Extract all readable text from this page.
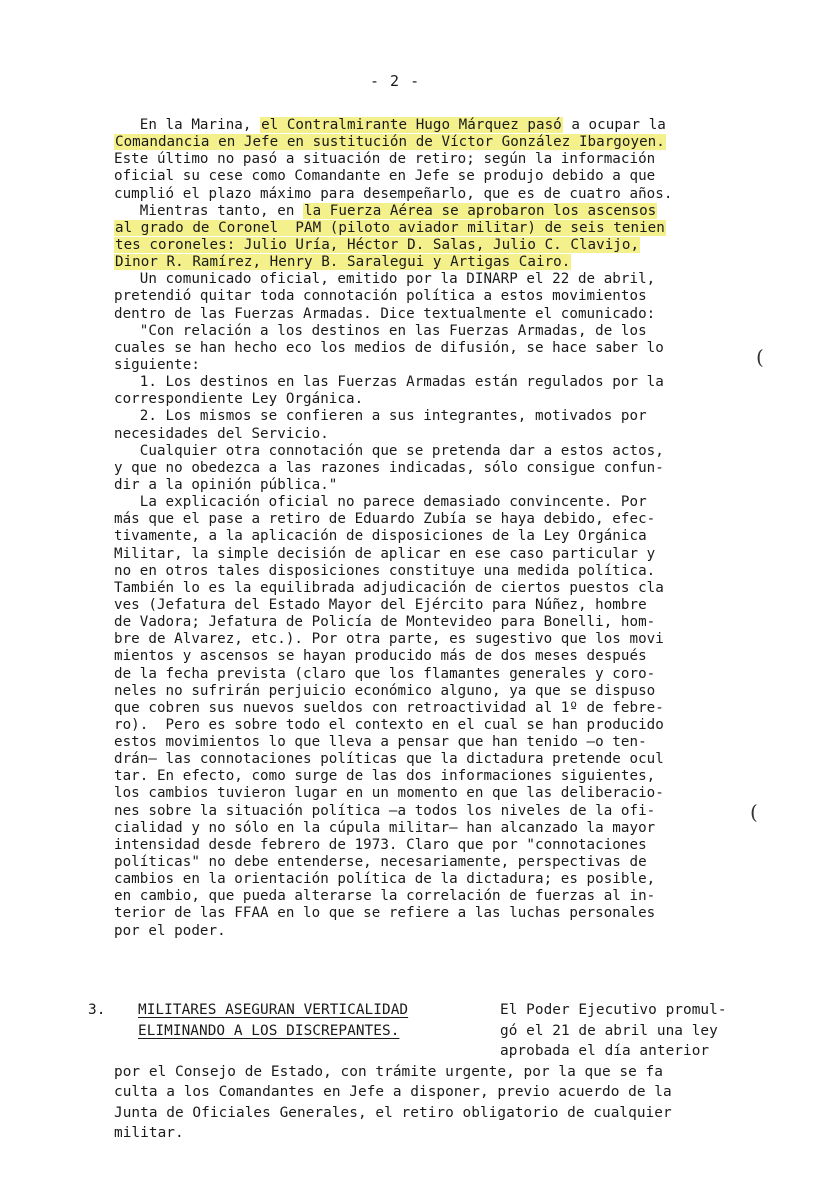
- 2 -
En la Marina, el Contralmirante Hugo Márquez pasó a ocupar la
Comandancia en Jefe en sustitución de Víctor González Ibargoyen.
Este último no pasó a situación de retiro; según la información
oficial su cese como Comandante en Jefe se produjo debido a que
cumplió el plazo máximo para desempeñarlo, que es de cuatro años.
Mientras tanto, en la Fuerza Aérea se aprobaron los ascensos
al grado de Coronel  PAM (piloto aviador militar) de seis tenien
tes coroneles: Julio Uría, Héctor D. Salas, Julio C. Clavijo,
Dinor R. Ramírez, Henry B. Saralegui y Artigas Cairo.
Un comunicado oficial, emitido por la DINARP el 22 de abril,
pretendió quitar toda connotación política a estos movimientos
dentro de las Fuerzas Armadas. Dice textualmente el comunicado:
"Con relación a los destinos en las Fuerzas Armadas, de los
cuales se han hecho eco los medios de difusión, se hace saber lo
siguiente:
1. Los destinos en las Fuerzas Armadas están regulados por la
correspondiente Ley Orgánica.
2. Los mismos se confieren a sus integrantes, motivados por
necesidades del Servicio.
Cualquier otra connotación que se pretenda dar a estos actos,
y que no obedezca a las razones indicadas, sólo consigue confun-
dir a la opinión pública."
La explicación oficial no parece demasiado convincente. Por
más que el pase a retiro de Eduardo Zubía se haya debido, efec-
tivamente, a la aplicación de disposiciones de la Ley Orgánica
Militar, la simple decisión de aplicar en ese caso particular y
no en otros tales disposiciones constituye una medida política.
También lo es la equilibrada adjudicación de ciertos puestos cla
ves (Jefatura del Estado Mayor del Ejército para Núñez, hombre
de Vadora; Jefatura de Policía de Montevideo para Bonelli, hom-
bre de Alvarez, etc.). Por otra parte, es sugestivo que los movi
mientos y ascensos se hayan producido más de dos meses después
de la fecha prevista (claro que los flamantes generales y coro-
neles no sufrirán perjuicio económico alguno, ya que se dispuso
que cobren sus nuevos sueldos con retroactividad al 1º de febre-
ro).  Pero es sobre todo el contexto en el cual se han producido
estos movimientos lo que lleva a pensar que han tenido —o ten-
drán— las connotaciones políticas que la dictadura pretende ocul
tar. En efecto, como surge de las dos informaciones siguientes,
los cambios tuvieron lugar en un momento en que las deliberacio-
nes sobre la situación política —a todos los niveles de la ofi-
cialidad y no sólo en la cúpula militar— han alcanzado la mayor
intensidad desde febrero de 1973. Claro que por "connotaciones
políticas" no debe entenderse, necesariamente, perspectivas de
cambios en la orientación política de la dictadura; es posible,
en cambio, que pueda alterarse la correlación de fuerzas al in-
terior de las FFAA en lo que se refiere a las luchas personales
por el poder.
(
(
3.	MILITARES ASEGURAN VERTICALIDAD
ELIMINANDO A LOS DISCREPANTES.
El Poder Ejecutivo promul-
gó el 21 de abril una ley
aprobada el día anterior
por el Consejo de Estado, con trámite urgente, por la que se fa
culta a los Comandantes en Jefe a disponer, previo acuerdo de la
Junta de Oficiales Generales, el retiro obligatorio de cualquier
militar.
